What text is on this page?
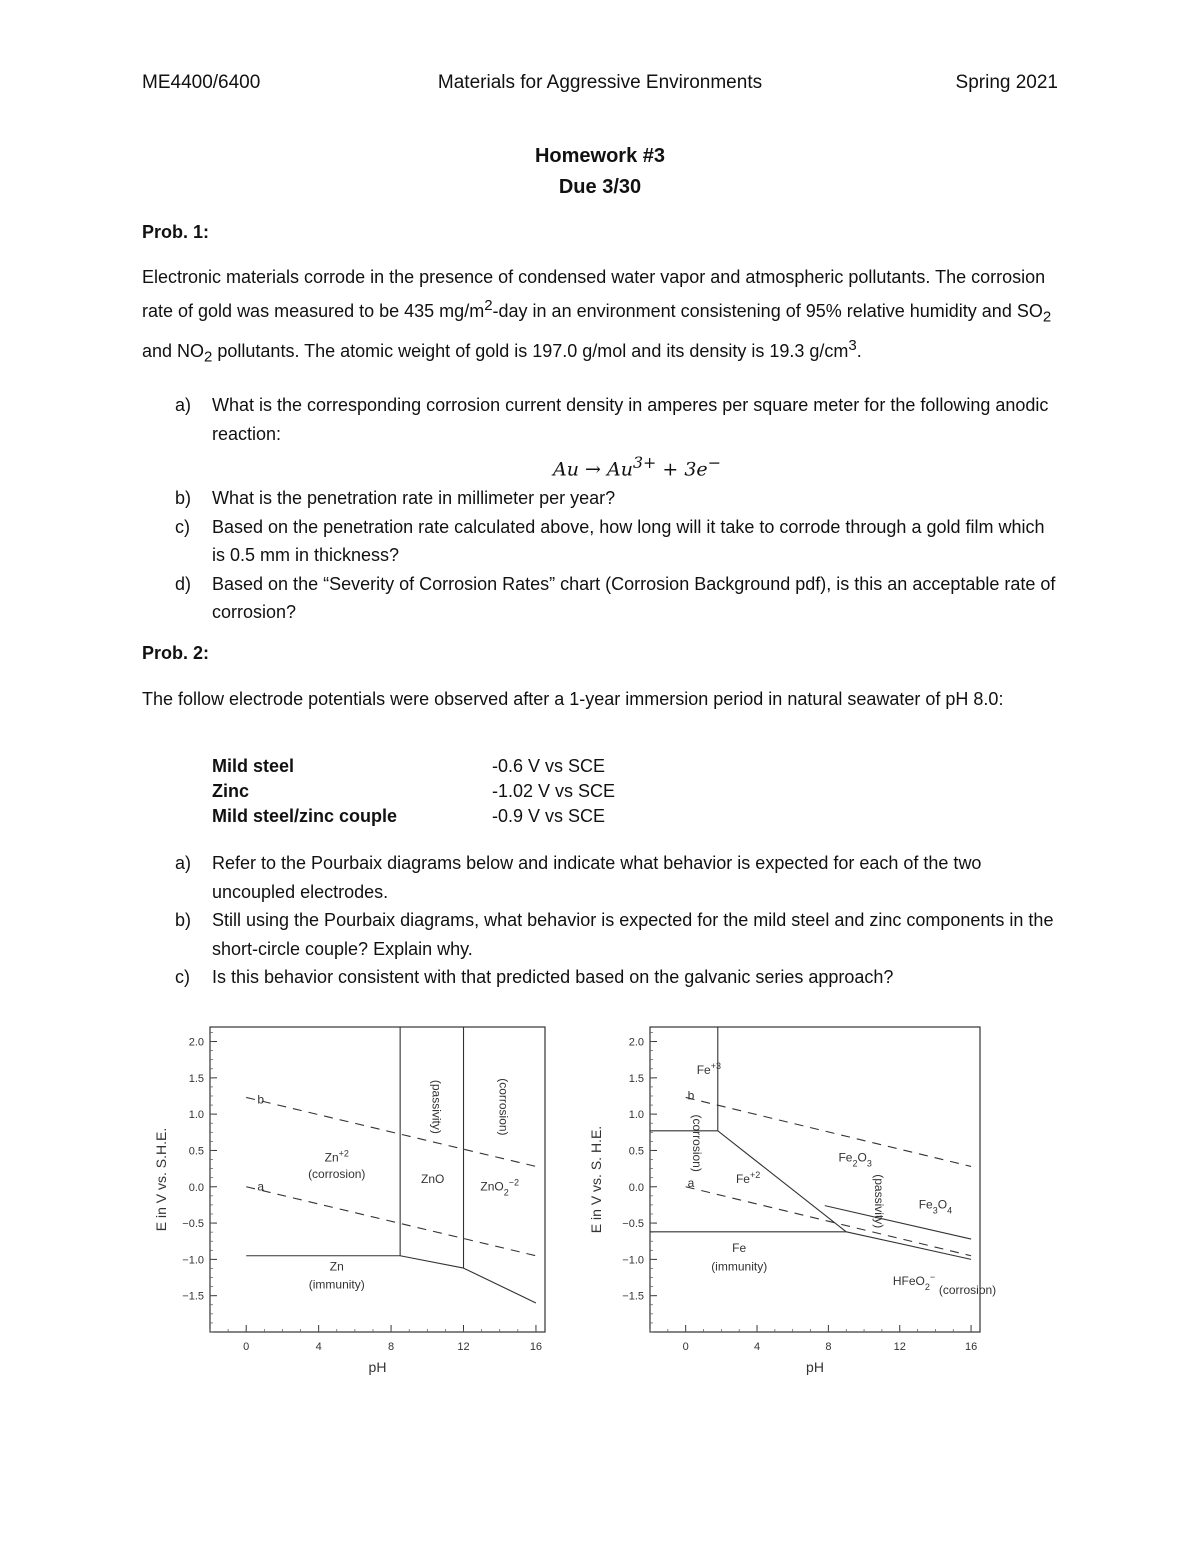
ME4400/6400	Materials for Aggressive Environments	Spring 2021
Homework #3
Due 3/30
Prob. 1:

Electronic materials corrode in the presence of condensed water vapor and atmospheric pollutants. The corrosion rate of gold was measured to be 435 $mg/m^2$-day in an environment consistening of 95% relative humidity and $SO_2$ and $NO_2$ pollutants. The atomic weight of gold is 197.0 g/mol and its density is 19.3 $g/cm^3$.

a) What is the corresponding corrosion current density in amperes per square meter for the following anodic reaction:
$Au \to Au^{3+} + 3e^-$
b) What is the penetration rate in millimeter per year?
c) Based on the penetration rate calculated above, how long will it take to corrode through a gold film which is 0.5 mm in thickness?
d) Based on the “Severity of Corrosion Rates” chart (Corrosion Background pdf), is this an acceptable rate of corrosion?
Prob. 2:

The follow electrode potentials were observed after a 1-year immersion period in natural seawater of pH 8.0:

Mild steel	-0.6 V vs SCE
Zinc	-1.02 V vs SCE
Mild steel/zinc couple	-0.9 V vs SCE
a) Refer to the Pourbaix diagrams below and indicate what behavior is expected for each of the two uncoupled electrodes.
b) Still using the Pourbaix diagrams, what behavior is expected for the mild steel and zinc components in the short-circle couple? Explain why.
c) Is this behavior consistent with that predicted based on the galvanic series approach?
2.0
1.5
1.0
0.5
0.0
−0.5
−1.0
−1.5
0	4	8	12	16
pH
E in V vs. S.H.E.
b
a
$Zn^{+2}$
(corrosion)	ZnO
ZnO$_2^{-2}$
Zn
(immunity)
(passivity)	(corrosion)
2.0
1.5
1.0
0.5
0.0
−0.5
−1.0
−1.5
0	4	8	12	16
pH
E in V vs. S. H.E.
$Fe^{+3}$
b
(corrosion)	$Fe_2O_3$
a	$Fe^{+2}$
$Fe_3O_4$
(passivity)
Fe
(immunity)
HFeO$_2$−
(corrosion)
